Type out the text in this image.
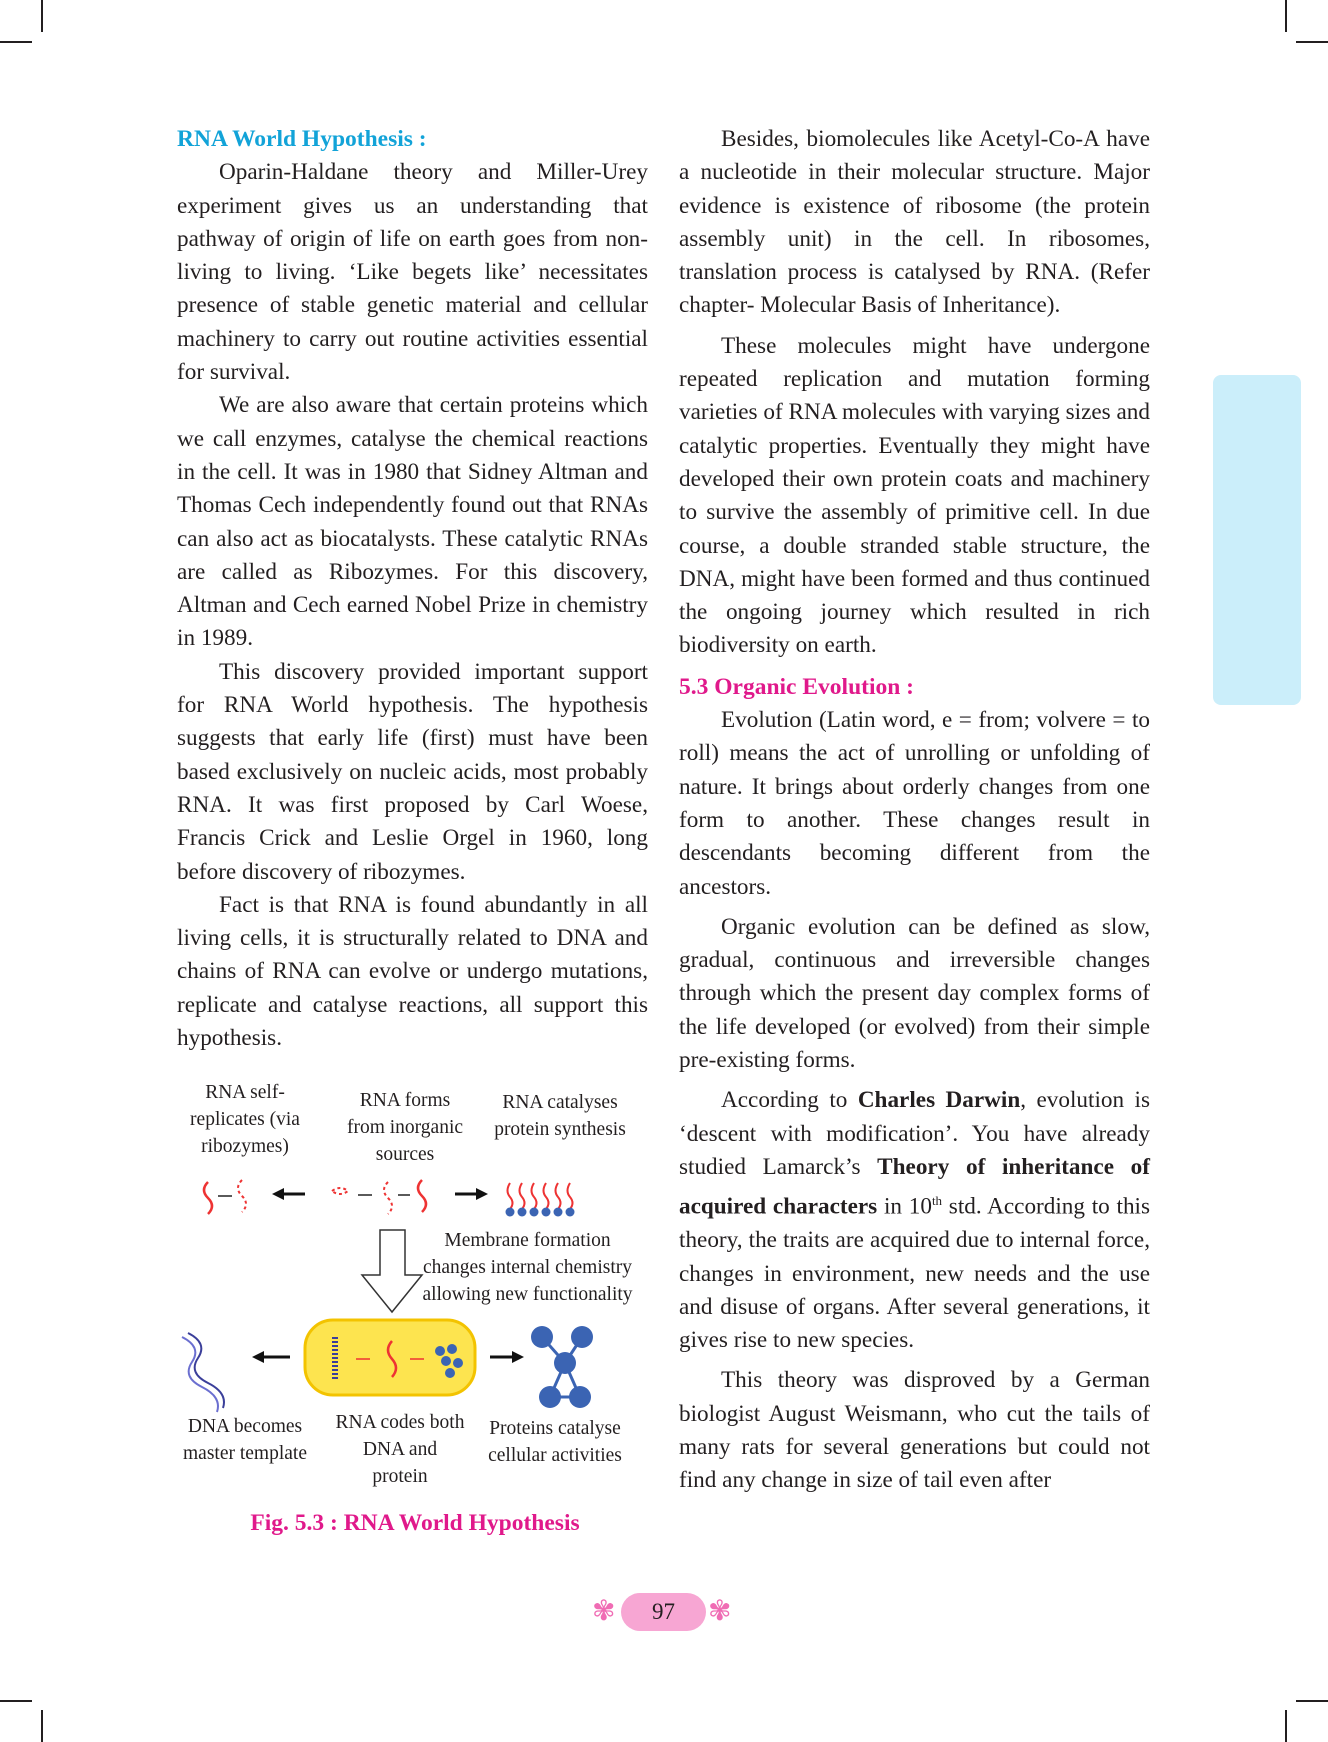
RNA World Hypothesis :

Oparin-Haldane theory and Miller-Urey experiment gives us an understanding that pathway of origin of life on earth goes from non-living to living. ‘Like begets like’ necessitates presence of stable genetic material and cellular machinery to carry out routine activities essential for survival.

We are also aware that certain proteins which we call enzymes, catalyse the chemical reactions in the cell. It was in 1980 that Sidney Altman and Thomas Cech independently found out that RNAs can also act as biocatalysts. These catalytic RNAs are called as Ribozymes. For this discovery, Altman and Cech earned Nobel Prize in chemistry in 1989.

This discovery provided important support for RNA World hypothesis. The hypothesis suggests that early life (first) must have been based exclusively on nucleic acids, most probably RNA. It was first proposed by Carl Woese, Francis Crick and Leslie Orgel in 1960, long before discovery of ribozymes.

Fact is that RNA is found abundantly in all living cells, it is structurally related to DNA and chains of RNA can evolve or undergo mutations, replicate and catalyse reactions, all support this hypothesis.

RNA self-replicates (via ribozymes)
RNA forms from inorganic sources
RNA catalyses protein synthesis
Membrane formation changes internal chemistry allowing new functionality
DNA becomes master template
RNA codes both DNA and protein
Proteins catalyse cellular activities
Fig. 5.3 : RNA World Hypothesis

Besides, biomolecules like Acetyl-Co-A have a nucleotide in their molecular structure. Major evidence is existence of ribosome (the protein assembly unit) in the cell. In ribosomes, translation process is catalysed by RNA. (Refer chapter- Molecular Basis of Inheritance).

These molecules might have undergone repeated replication and mutation forming varieties of RNA molecules with varying sizes and catalytic properties. Eventually they might have developed their own protein coats and machinery to survive the assembly of primitive cell. In due course, a double stranded stable structure, the DNA, might have been formed and thus continued the ongoing journey which resulted in rich biodiversity on earth.

5.3 Organic Evolution :

Evolution (Latin word, e = from; volvere = to roll) means the act of unrolling or unfolding of nature. It brings about orderly changes from one form to another. These changes result in descendants becoming different from the ancestors.

Organic evolution can be defined as slow, gradual, continuous and irreversible changes through which the present day complex forms of the life developed (or evolved) from their simple pre-existing forms.

According to Charles Darwin, evolution is ‘descent with modification’. You have already studied Lamarck’s Theory of inheritance of acquired characters in 10th std. According to this theory, the traits are acquired due to internal force, changes in environment, new needs and the use and disuse of organs. After several generations, it gives rise to new species.

This theory was disproved by a German biologist August Weismann, who cut the tails of many rats for several generations but could not find any change in size of tail even after

✾	97	✾
